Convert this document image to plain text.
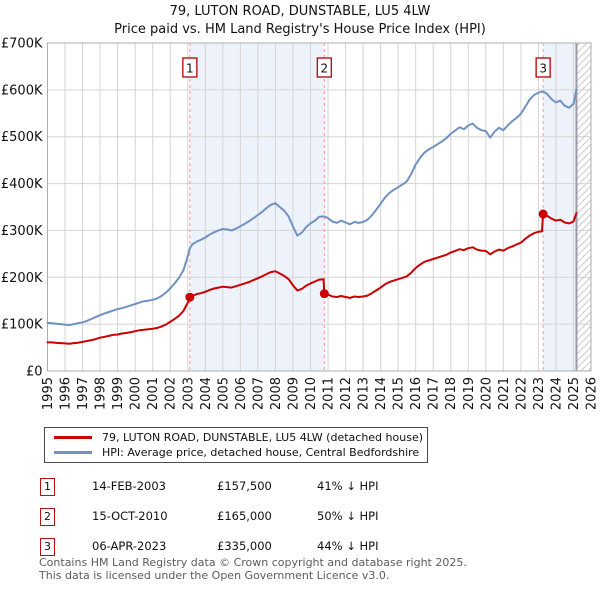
79, LUTON ROAD, DUNSTABLE, LU5 4LW
Price paid vs. HM Land Registry's House Price Index (HPI)
1	2	3
£0
£100K
£200K
£300K
£400K
£500K
£600K
£700K
1995 1996 1997 1998 1999 2000 2001 2002 2003 2004 2005 2006 2007 2008 2009 2010 2011 2012 2013 2014 2015 2016 2017 2018 2019 2020 2021 2022 2023 2024 2025 2026
79, LUTON ROAD, DUNSTABLE, LU5 4LW (detached house)
HPI: Average price, detached house, Central Bedfordshire
1	14-FEB-2003	£157,500	41% ↓ HPI
2	15-OCT-2010	£165,000	50% ↓ HPI
3	06-APR-2023	£335,000	44% ↓ HPI
Contains HM Land Registry data © Crown copyright and database right 2025.
This data is licensed under the Open Government Licence v3.0.
